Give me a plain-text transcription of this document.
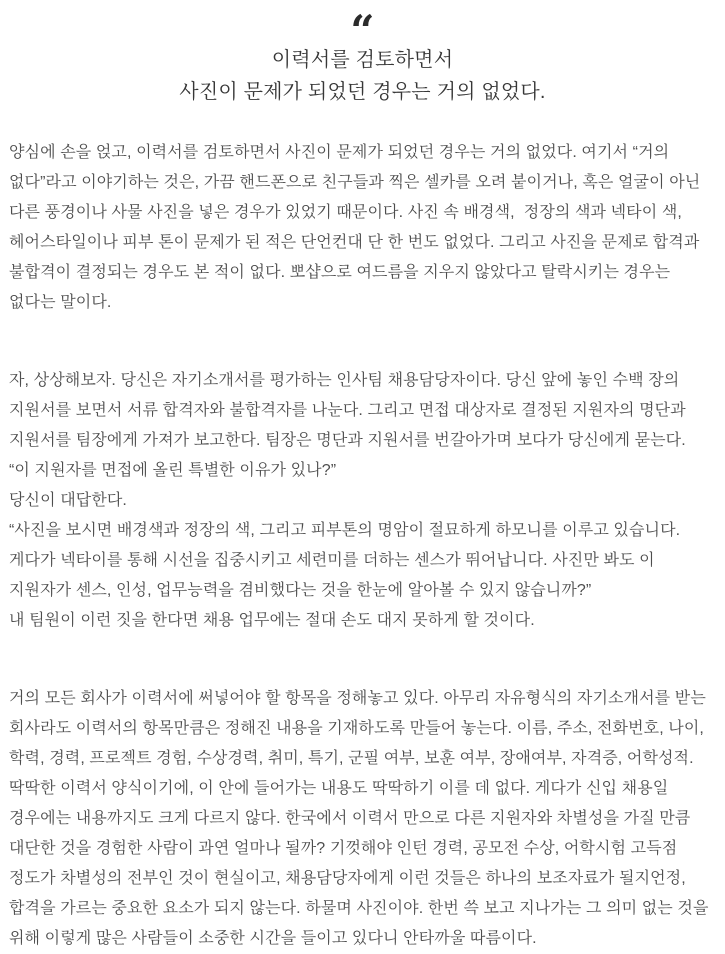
“
이력서를 검토하면서
사진이 문제가 되었던 경우는 거의 없었다.
양심에 손을 얹고, 이력서를 검토하면서 사진이 문제가 되었던 경우는 거의 없었다. 여기서 “거의 없다”라고 이야기하는 것은, 가끔 핸드폰으로 친구들과 찍은 셀카를 오려 붙이거나, 혹은 얼굴이 아닌 다른 풍경이나 사물 사진을 넣은 경우가 있었기 때문이다. 사진 속 배경색,  정장의 색과 넥타이 색, 헤어스타일이나 피부 톤이 문제가 된 적은 단언컨대 단 한 번도 없었다. 그리고 사진을 문제로 합격과 불합격이 결정되는 경우도 본 적이 없다. 뽀샵으로 여드름을 지우지 않았다고 탈락시키는 경우는 없다는 말이다.
자, 상상해보자. 당신은 자기소개서를 평가하는 인사팀 채용담당자이다. 당신 앞에 놓인 수백 장의 지원서를 보면서 서류 합격자와 불합격자를 나눈다. 그리고 면접 대상자로 결정된 지원자의 명단과 지원서를 팀장에게 가져가 보고한다. 팀장은 명단과 지원서를 번갈아가며 보다가 당신에게 묻는다.
“이 지원자를 면접에 올린 특별한 이유가 있나?”
당신이 대답한다.
“사진을 보시면 배경색과 정장의 색, 그리고 피부톤의 명암이 절묘하게 하모니를 이루고 있습니다. 게다가 넥타이를 통해 시선을 집중시키고 세련미를 더하는 센스가 뛰어납니다. 사진만 봐도 이 지원자가 센스, 인성, 업무능력을 겸비했다는 것을 한눈에 알아볼 수 있지 않습니까?”
내 팀원이 이런 짓을 한다면 채용 업무에는 절대 손도 대지 못하게 할 것이다.
거의 모든 회사가 이력서에 써넣어야 할 항목을 정해놓고 있다. 아무리 자유형식의 자기소개서를 받는 회사라도 이력서의 항목만큼은 정해진 내용을 기재하도록 만들어 놓는다. 이름, 주소, 전화번호, 나이, 학력, 경력, 프로젝트 경험, 수상경력, 취미, 특기, 군필 여부, 보훈 여부, 장애여부, 자격증, 어학성적. 딱딱한 이력서 양식이기에, 이 안에 들어가는 내용도 딱딱하기 이를 데 없다. 게다가 신입 채용일 경우에는 내용까지도 크게 다르지 않다. 한국에서 이력서 만으로 다른 지원자와 차별성을 가질 만큼 대단한 것을 경험한 사람이 과연 얼마나 될까? 기껏해야 인턴 경력, 공모전 수상, 어학시험 고득점 정도가 차별성의 전부인 것이 현실이고, 채용담당자에게 이런 것들은 하나의 보조자료가 될지언정, 합격을 가르는 중요한 요소가 되지 않는다. 하물며 사진이야. 한번 쓱 보고 지나가는 그 의미 없는 것을 위해 이렇게 많은 사람들이 소중한 시간을 들이고 있다니 안타까울 따름이다.
